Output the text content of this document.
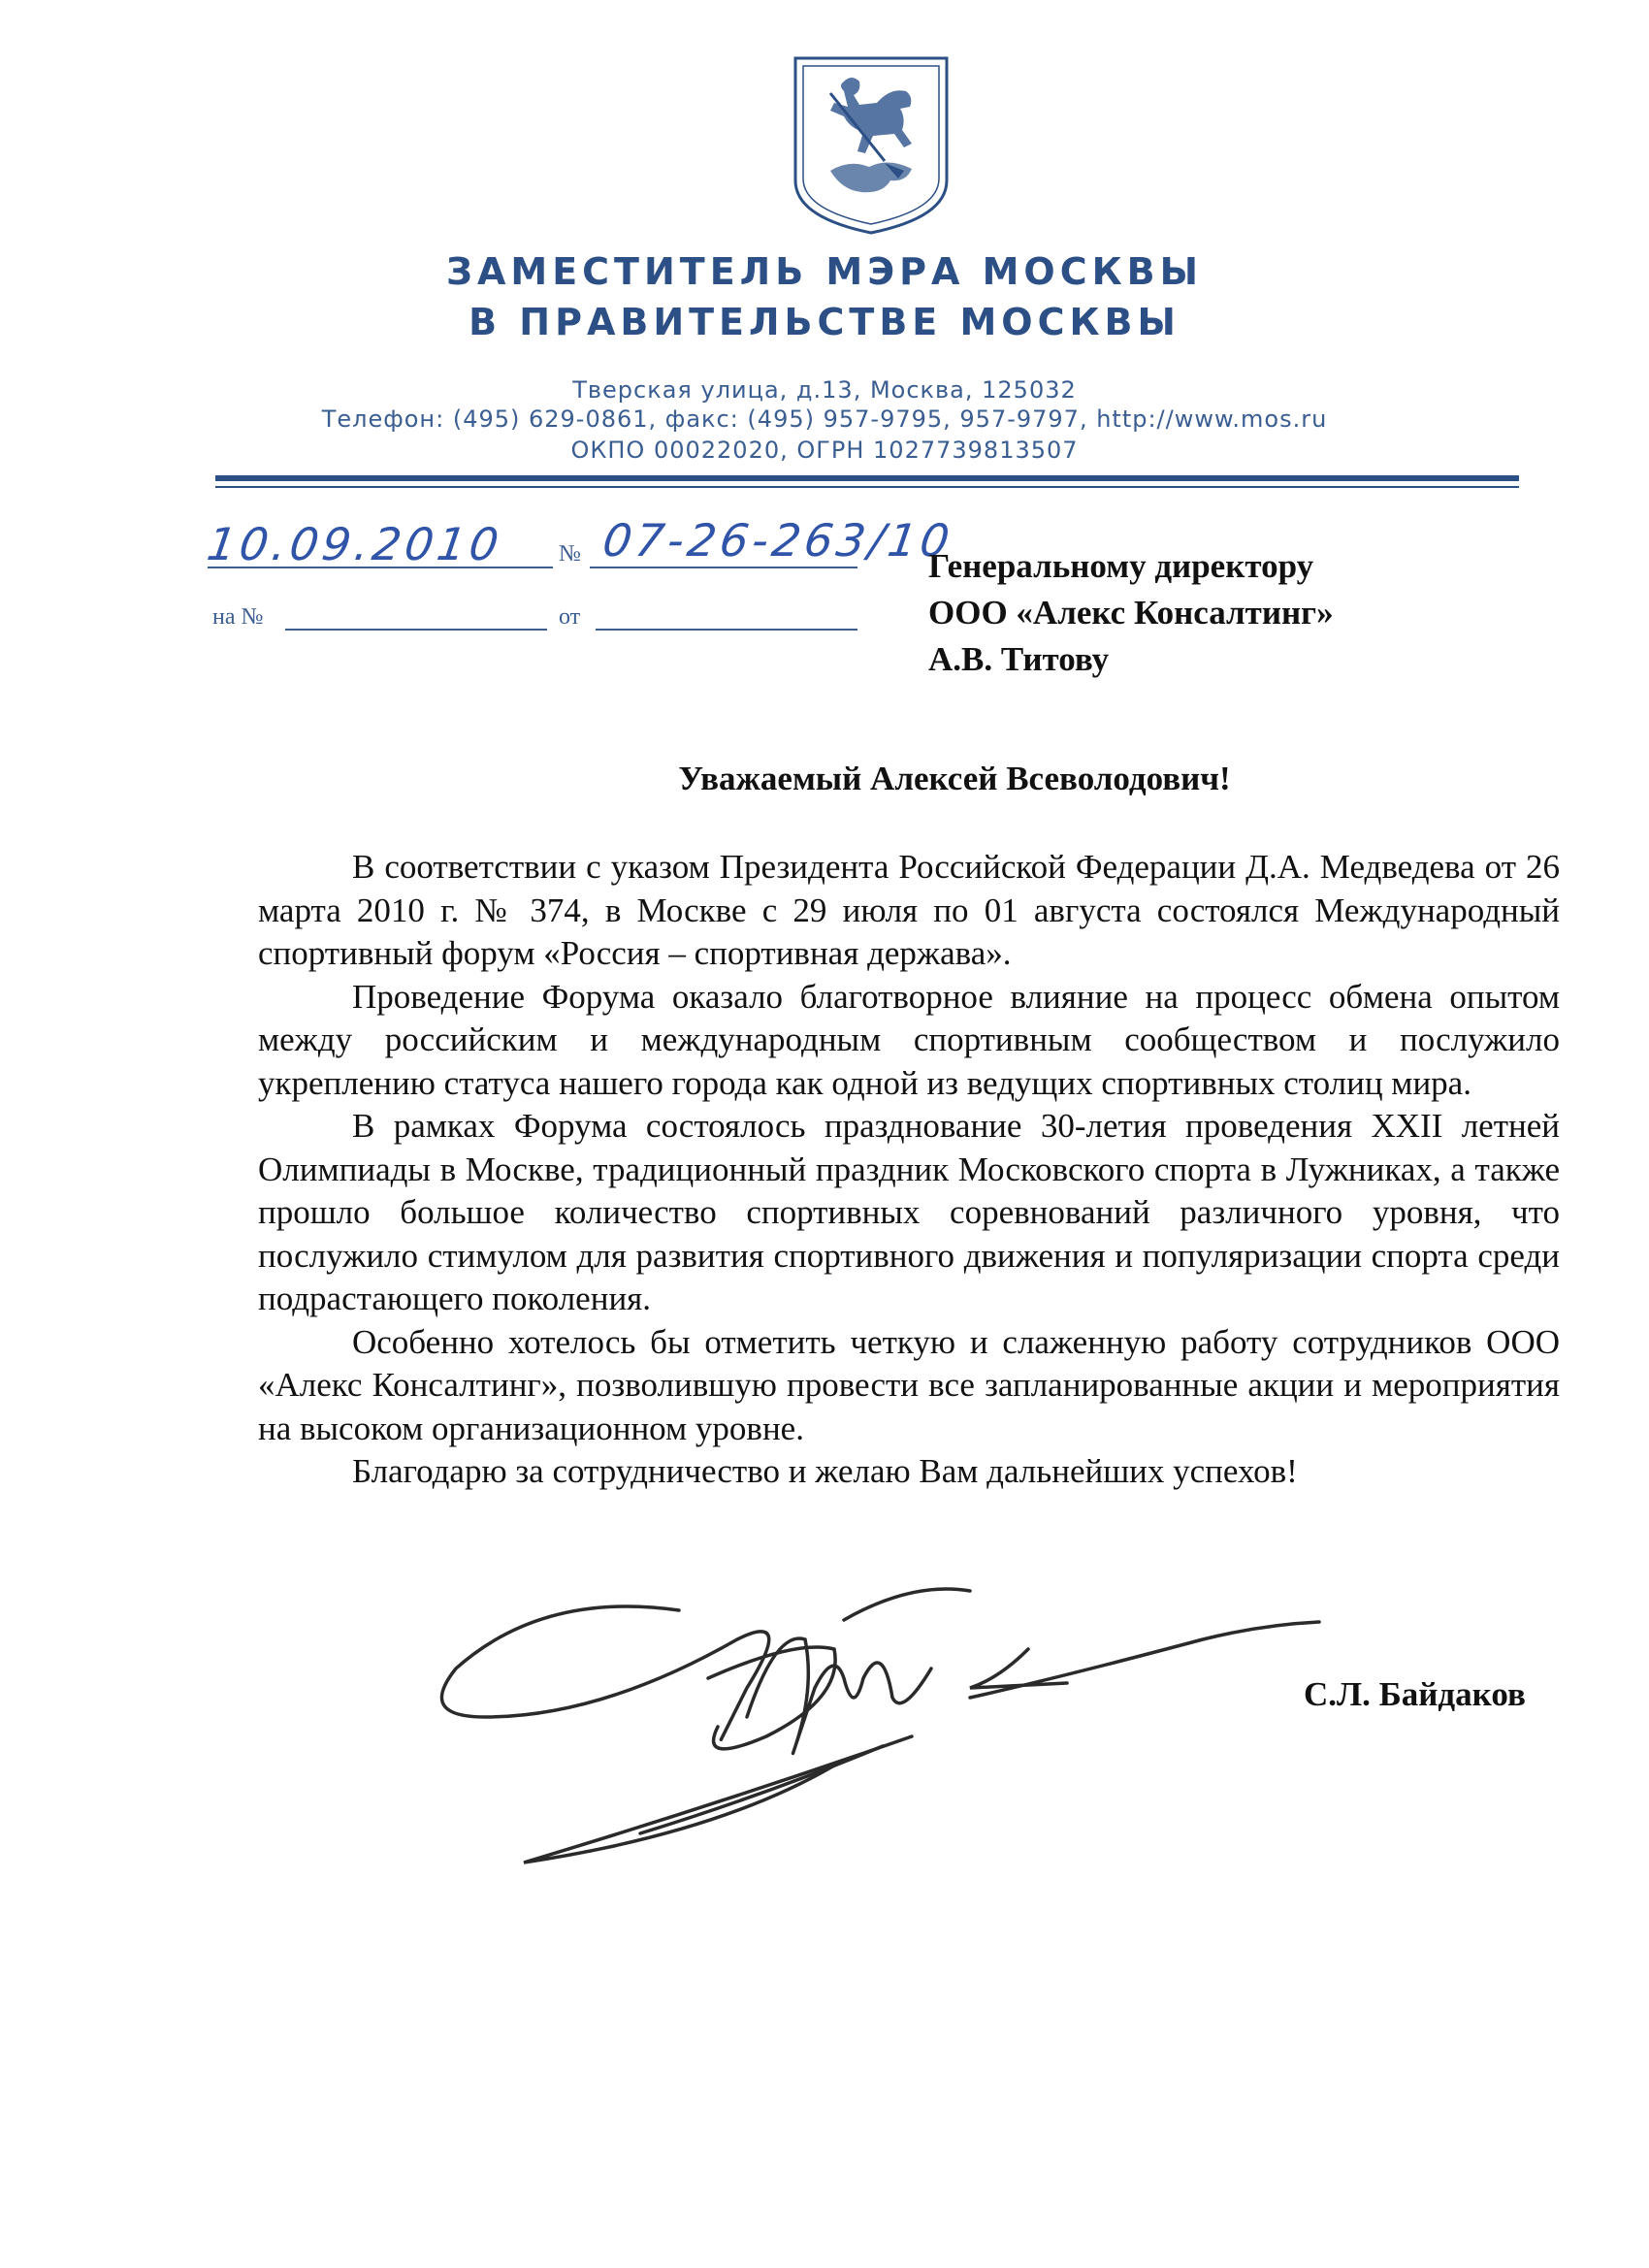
ЗАМЕСТИТЕЛЬ МЭРА МОСКВЫ
В ПРАВИТЕЛЬСТВЕ МОСКВЫ
Тверская улица, д.13, Москва, 125032
Телефон: (495) 629-0861, факс: (495) 957-9795, 957-9797, http://www.mos.ru
ОКПО 00022020, ОГРН 1027739813507
10.09.2010 № 07-26-263/10
на №	от
Генеральному директору
ООО «Алекс Консалтинг»
А.В. Титову
Уважаемый Алексей Всеволодович!

В соответствии с указом Президента Российской Федерации Д.А. Медведева от 26 марта 2010 г. № 374, в Москве с 29 июля по 01 августа состоялся Международный спортивный форум «Россия – спортивная держава».

Проведение Форума оказало благотворное влияние на процесс обмена опытом между российским и международным спортивным сообществом и послужило укреплению статуса нашего города как одной из ведущих спортивных столиц мира.

В рамках Форума состоялось празднование 30-летия проведения XXII летней Олимпиады в Москве, традиционный праздник Московского спорта в Лужниках, а также прошло большое количество спортивных соревнований различного уровня, что послужило стимулом для развития спортивного движения и популяризации спорта среди подрастающего поколения.

Особенно хотелось бы отметить четкую и слаженную работу сотрудников ООО «Алекс Консалтинг», позволившую провести все запланированные акции и мероприятия на высоком организационном уровне.

Благодарю за сотрудничество и желаю Вам дальнейших успехов!

С.Л. Байдаков
